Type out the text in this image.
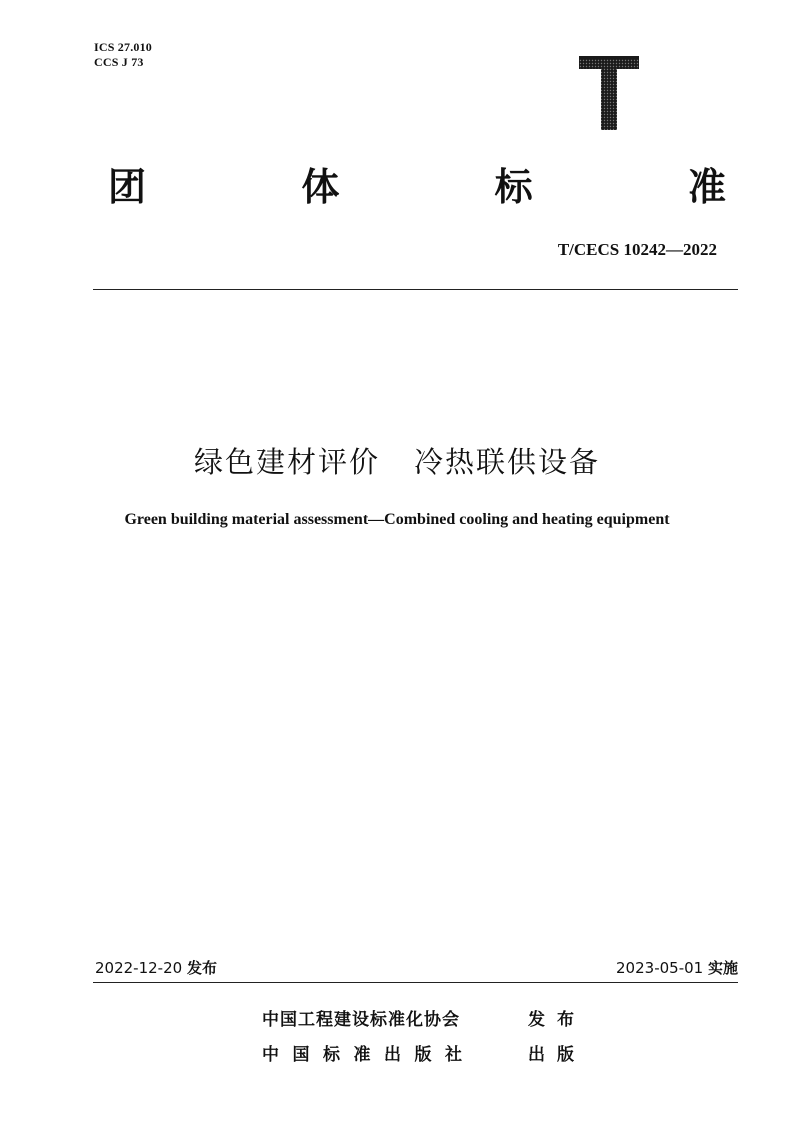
ICS 27.010
CCS J 73
团	体	标	准
T/CECS 10242—2022
绿色建材评价 冷热联供设备
Green building material assessment—Combined cooling and heating equipment
2022-12-20 发布	2023-05-01 实施
中国工程建设标准化协会	发布
中国标准出版社	出版
